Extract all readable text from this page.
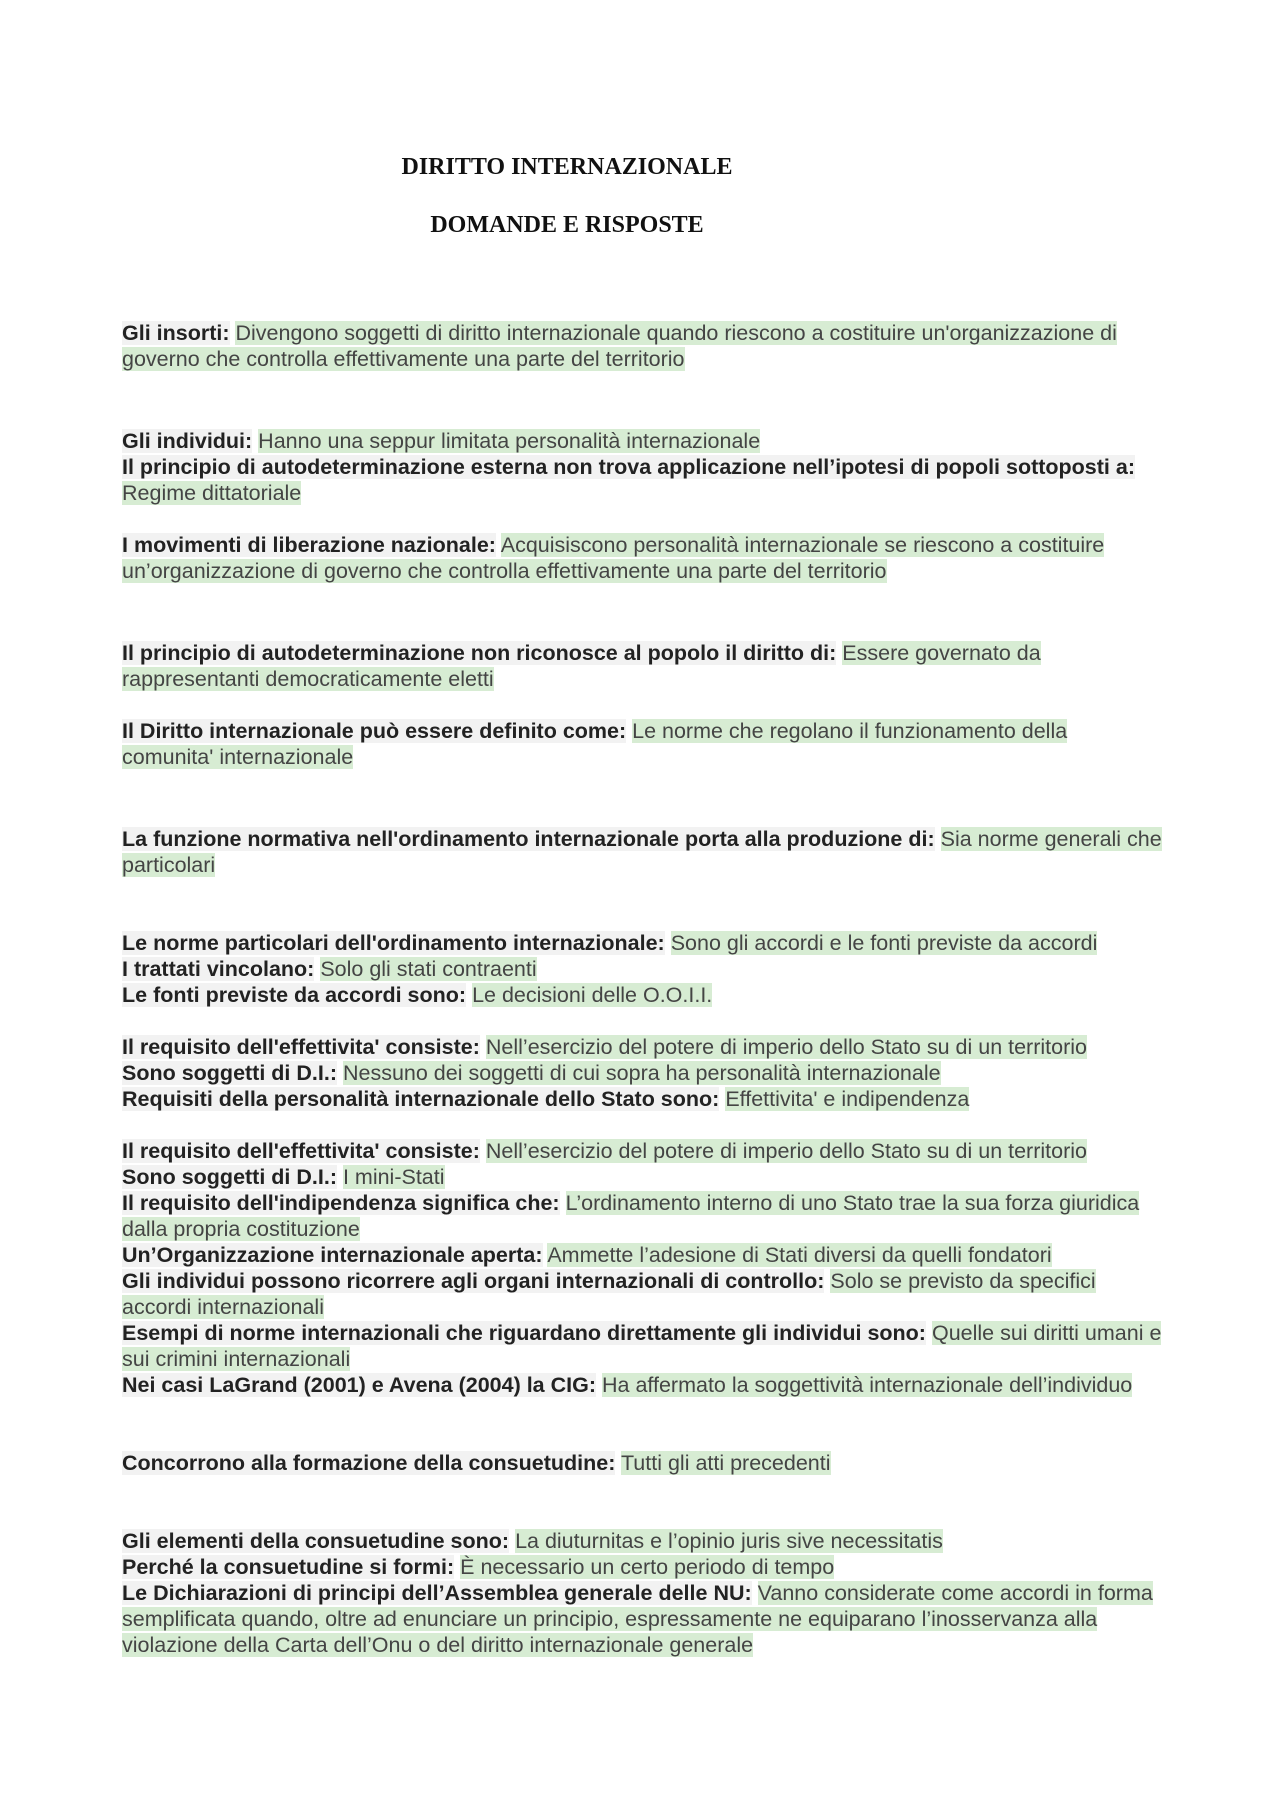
DIRITTO INTERNAZIONALE
DOMANDE E RISPOSTE
Gli insorti: Divengono soggetti di diritto internazionale quando riescono a costituire un'organizzazione di governo che controlla effettivamente una parte del territorio
Gli individui: Hanno una seppur limitata personalità internazionale
Il principio di autodeterminazione esterna non trova applicazione nell’ipotesi di popoli sottoposti a: Regime dittatoriale
I movimenti di liberazione nazionale: Acquisiscono personalità internazionale se riescono a costituire un’organizzazione di governo che controlla effettivamente una parte del territorio
Il principio di autodeterminazione non riconosce al popolo il diritto di: Essere governato da rappresentanti democraticamente eletti
Il Diritto internazionale può essere definito come: Le norme che regolano il funzionamento della comunita' internazionale
La funzione normativa nell'ordinamento internazionale porta alla produzione di: Sia norme generali che particolari
Le norme particolari dell'ordinamento internazionale: Sono gli accordi e le fonti previste da accordi
I trattati vincolano: Solo gli stati contraenti
Le fonti previste da accordi sono: Le decisioni delle O.O.I.I.
Il requisito dell'effettivita' consiste: Nell’esercizio del potere di imperio dello Stato su di un territorio
Sono soggetti di D.I.: Nessuno dei soggetti di cui sopra ha personalità internazionale
Requisiti della personalità internazionale dello Stato sono: Effettivita' e indipendenza
Il requisito dell'effettivita' consiste: Nell’esercizio del potere di imperio dello Stato su di un territorio
Sono soggetti di D.I.: I mini-Stati
Il requisito dell'indipendenza significa che: L’ordinamento interno di uno Stato trae la sua forza giuridica dalla propria costituzione
Un’Organizzazione internazionale aperta: Ammette l’adesione di Stati diversi da quelli fondatori
Gli individui possono ricorrere agli organi internazionali di controllo: Solo se previsto da specifici accordi internazionali
Esempi di norme internazionali che riguardano direttamente gli individui sono: Quelle sui diritti umani e sui crimini internazionali
Nei casi LaGrand (2001) e Avena (2004) la CIG: Ha affermato la soggettività internazionale dell’individuo
Concorrono alla formazione della consuetudine: Tutti gli atti precedenti
Gli elementi della consuetudine sono: La diuturnitas e l’opinio juris sive necessitatis
Perché la consuetudine si formi: È necessario un certo periodo di tempo
Le Dichiarazioni di principi dell’Assemblea generale delle NU: Vanno considerate come accordi in forma semplificata quando, oltre ad enunciare un principio, espressamente ne equiparano l’inosservanza alla violazione della Carta dell’Onu o del diritto internazionale generale
